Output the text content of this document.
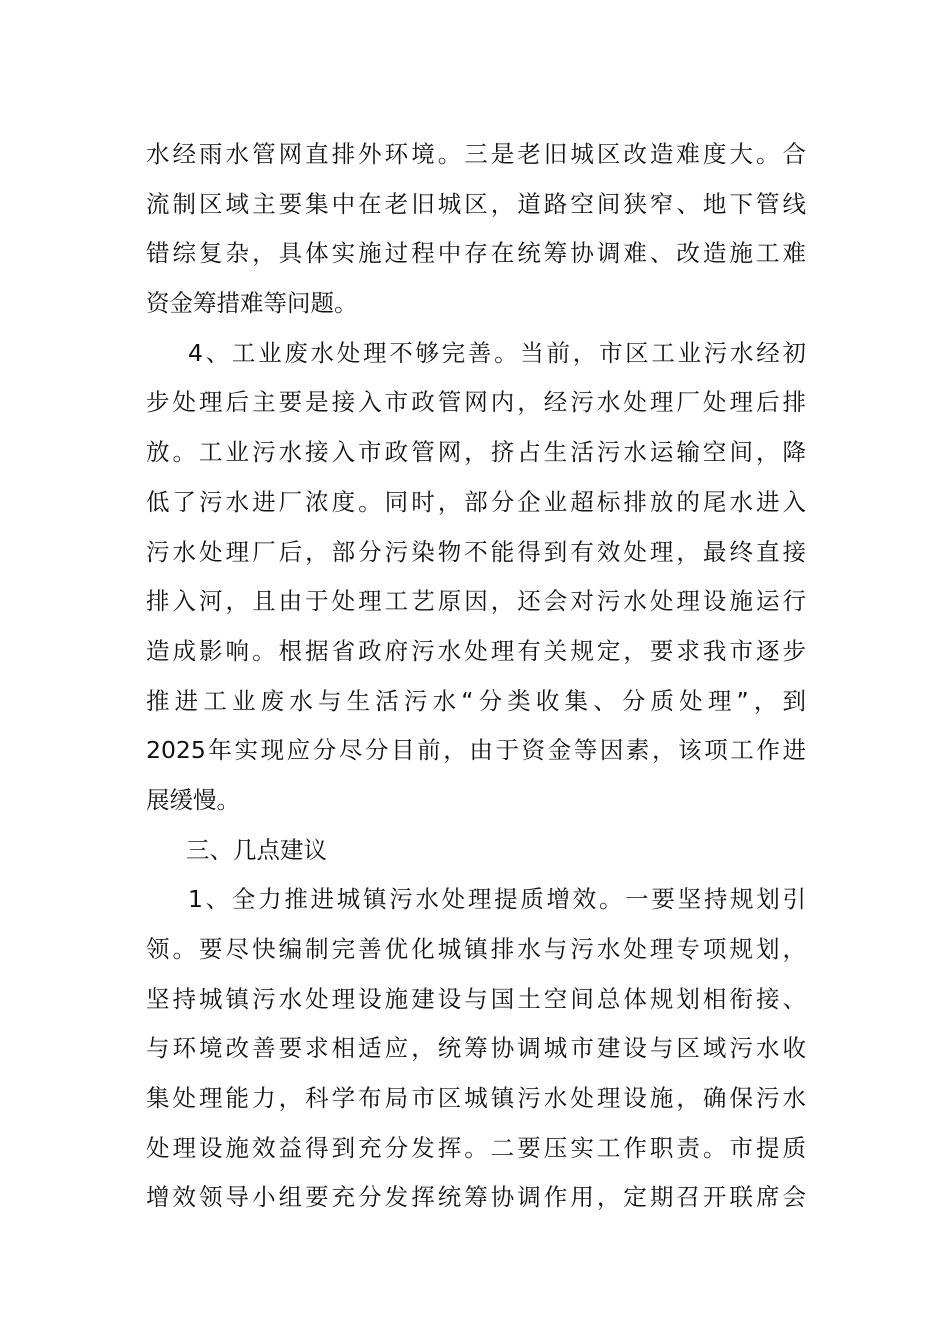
水经雨水管网直排外环境。三是老旧城区改造难度大。合
流制区域主要集中在老旧城区，道路空间狭窄、地下管线
错综复杂，具体实施过程中存在统筹协调难、改造施工难
资金筹措难等问题。
4、工业废水处理不够完善。当前，市区工业污水经初
步处理后主要是接入市政管网内，经污水处理厂处理后排
放。工业污水接入市政管网，挤占生活污水运输空间，降
低了污水进厂浓度。同时，部分企业超标排放的尾水进入
污水处理厂后，部分污染物不能得到有效处理，最终直接
排入河，且由于处理工艺原因，还会对污水处理设施运行
造成影响。根据省政府污水处理有关规定，要求我市逐步
推进工业废水与生活污水“分类收集、分质处理”，到
2025年实现应分尽分目前，由于资金等因素，该项工作进
展缓慢。
三、几点建议
1、全力推进城镇污水处理提质增效。一要坚持规划引
领。要尽快编制完善优化城镇排水与污水处理专项规划，
坚持城镇污水处理设施建设与国土空间总体规划相衔接、
与环境改善要求相适应，统筹协调城市建设与区域污水收
集处理能力，科学布局市区城镇污水处理设施，确保污水
处理设施效益得到充分发挥。二要压实工作职责。市提质
增效领导小组要充分发挥统筹协调作用，定期召开联席会
